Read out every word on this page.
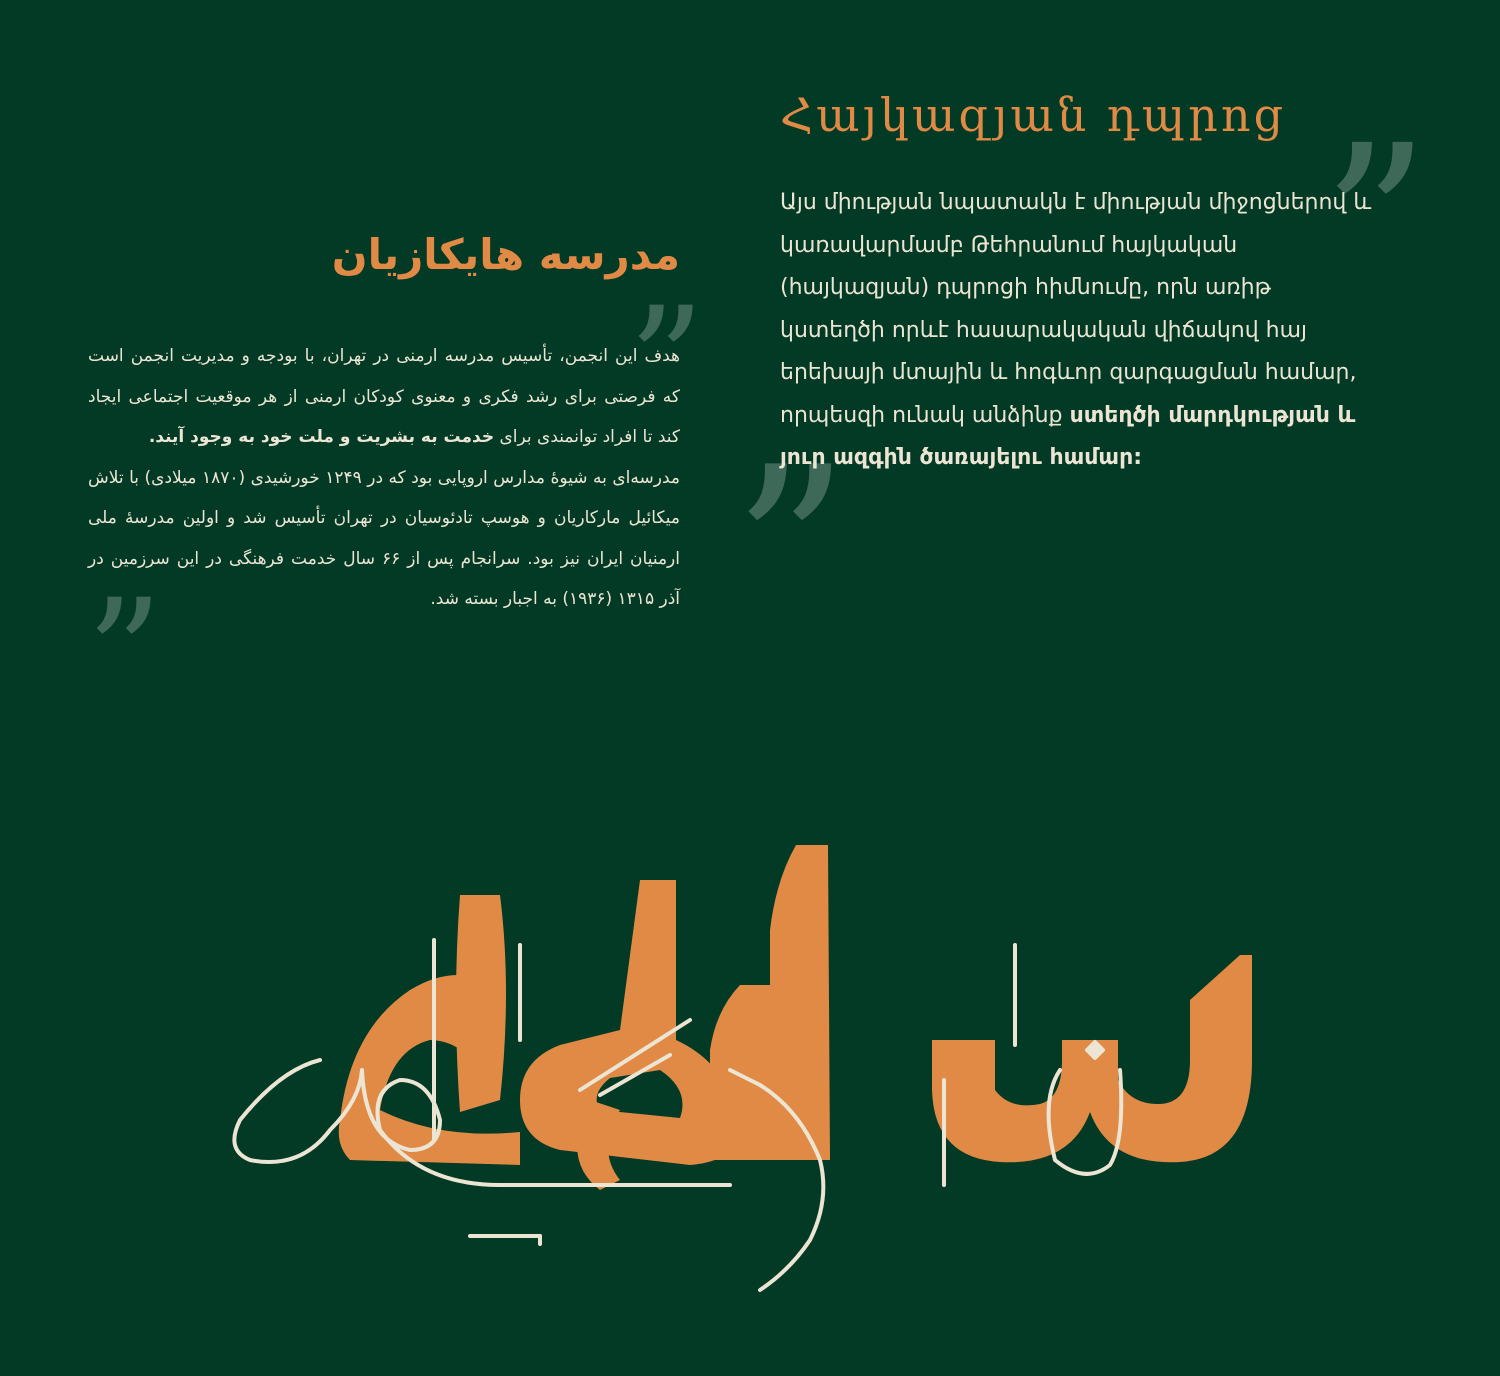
”
”
”
”
Հայկազյան դպրոց

Այս միության նպատակն է միության միջոցներով և կառավարմամբ Թեհրանում հայկական (հայկազյան) դպրոցի հիմնումը, որն առիթ կստեղծի որևէ հասարակական վիճակով հայ երեխայի մտային և հոգևոր զարգացման համար, որպեսզի ունակ անձինք ստեղծի մարդկության և յուր ազգին ծառայելու համար:

مدرسه هایکازیان

هدف این انجمن، تأسیس مدرسه ارمنی در تهران، با بودجه و مدیریت انجمن است که فرصتی برای رشد فکری و معنوی کودکان ارمنی از هر موقعیت اجتماعی ایجاد کند تا افراد توانمندی برای خدمت به بشریت و ملت خود به وجود آیند.

مدرسه‌ای به شیوهٔ مدارس اروپایی بود که در ۱۲۴۹ خورشیدی (۱۸۷۰ میلادی) با تلاش میکائیل مارکاریان و هوسپ تادئوسیان در تهران تأسیس شد و اولین مدرسهٔ ملی ارمنیان ایران نیز بود. سرانجام پس از ۶۶ سال خدمت فرهنگی در این سرزمین در آذر ۱۳۱۵ (۱۹۳۶) به اجبار بسته شد.
